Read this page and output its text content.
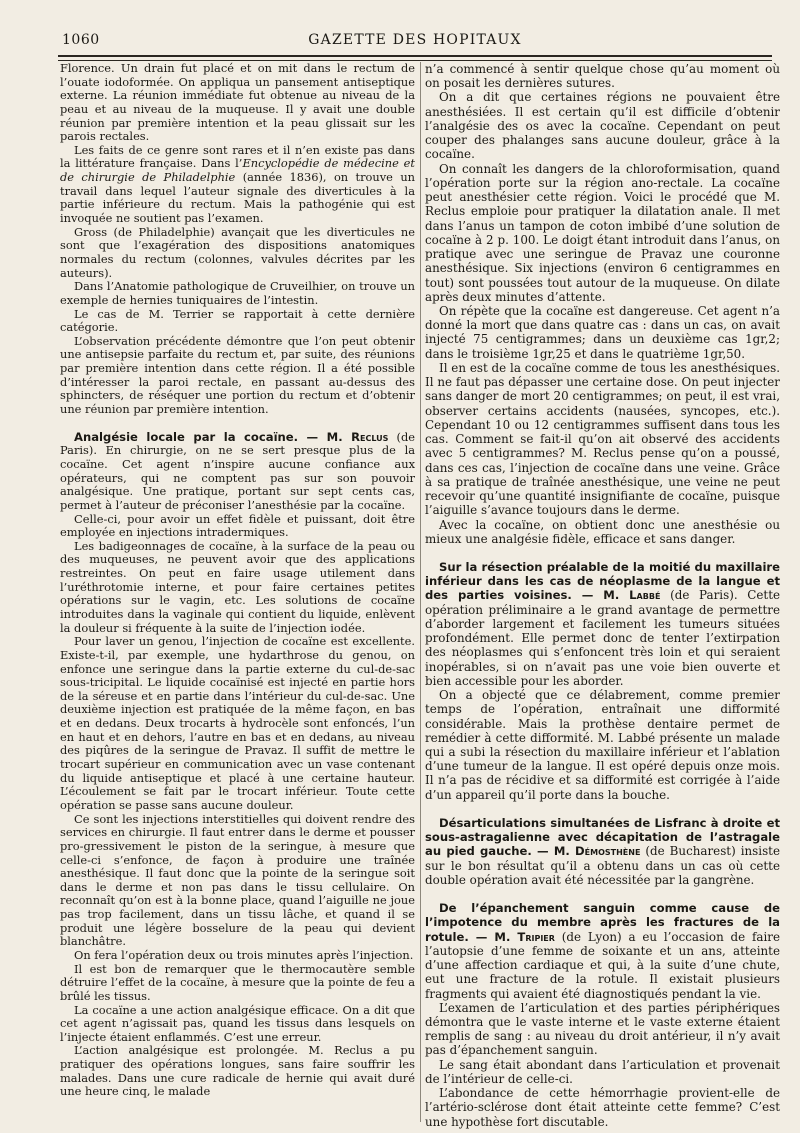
1060	GAZETTE DES HOPITAUX

Florence. Un drain fut placé et on mit dans le rectum de l’ouate iodoformée. On appliqua un pansement antiseptique externe. La réunion immédiate fut obtenue au niveau de la peau et au niveau de la muqueuse. Il y avait une double réunion par première intention et la peau glissait sur les parois rectales.

Les faits de ce genre sont rares et il n’en existe pas dans la littérature française. Dans l’Encyclopédie de médecine et de chirurgie de Philadelphie (année 1836), on trouve un travail dans lequel l’auteur signale des diverticules à la partie inférieure du rectum. Mais la pathogénie qui est invoquée ne soutient pas l’examen.

Gross (de Philadelphie) avançait que les diverticules ne sont que l’exagération des dispositions anatomiques normales du rectum (colonnes, valvules décrites par les auteurs).

Dans l’Anatomie pathologique de Cruveilhier, on trouve un exemple de hernies tuniquaires de l’intestin.

Le cas de M. Terrier se rapportait à cette dernière catégorie.

L’observation précédente démontre que l’on peut obtenir une antisepsie parfaite du rectum et, par suite, des réunions par première intention dans cette région. Il a été possible d’intéresser la paroi rectale, en passant au-dessus des sphincters, de réséquer une portion du rectum et d’obtenir une réunion par première intention.

Analgésie locale par la cocaïne. — M. Reclus (de Paris). En chirurgie, on ne se sert presque plus de la cocaïne. Cet agent n’inspire aucune confiance aux opérateurs, qui ne comptent pas sur son pouvoir analgésique. Une pratique, portant sur sept cents cas, permet à l’auteur de préconiser l’anesthésie par la cocaïne.

Celle-ci, pour avoir un effet fidèle et puissant, doit être employée en injections intradermiques.

Les badigeonnages de cocaïne, à la surface de la peau ou des muqueuses, ne peuvent avoir que des applications restreintes. On peut en faire usage utilement dans l’uréthrotomie interne, et pour faire certaines petites opérations sur le vagin, etc. Les solutions de cocaïne introduites dans la vaginale qui contient du liquide, enlèvent la douleur si fréquente à la suite de l’injection iodée.

Pour laver un genou, l’injection de cocaïne est excellente. Existe-t-il, par exemple, une hydarthrose du genou, on enfonce une seringue dans la partie externe du cul-de-sac sous-tricipital. Le liquide cocaïnisé est injecté en partie hors de la séreuse et en partie dans l’intérieur du cul-de-sac. Une deuxième injection est pratiquée de la même façon, en bas et en dedans. Deux trocarts à hydrocèle sont enfoncés, l’un en haut et en dehors, l’autre en bas et en dedans, au niveau des piqûres de la seringue de Pravaz. Il suffit de mettre le trocart supérieur en communication avec un vase contenant du liquide antiseptique et placé à une certaine hauteur. L’écoulement se fait par le trocart inférieur. Toute cette opération se passe sans aucune douleur.

Ce sont les injections interstitielles qui doivent rendre des services en chirurgie. Il faut entrer dans le derme et pousser pro-gressivement le piston de la seringue, à mesure que celle-ci s’enfonce, de façon à produire une traînée anesthésique. Il faut donc que la pointe de la seringue soit dans le derme et non pas dans le tissu cellulaire. On reconnaît qu’on est à la bonne place, quand l’aiguille ne joue pas trop facilement, dans un tissu lâche, et quand il se produit une légère bosselure de la peau qui devient blanchâtre.

On fera l’opération deux ou trois minutes après l’injection.

Il est bon de remarquer que le thermocautère semble détruire l’effet de la cocaïne, à mesure que la pointe de feu a brûlé les tissus.

La cocaïne a une action analgésique efficace. On a dit que cet agent n’agissait pas, quand les tissus dans lesquels on l’injecte étaient enflammés. C’est une erreur.

L’action analgésique est prolongée. M. Reclus a pu pratiquer des opérations longues, sans faire souffrir les malades. Dans une cure radicale de hernie qui avait duré une heure cinq, le malade

n’a commencé à sentir quelque chose qu’au moment où on posait les dernières sutures.

On a dit que certaines régions ne pouvaient être anesthésiées. Il est certain qu’il est difficile d’obtenir l’analgésie des os avec la cocaïne. Cependant on peut couper des phalanges sans aucune douleur, grâce à la cocaïne.

On connaît les dangers de la chloroformisation, quand l’opération porte sur la région ano-rectale. La cocaïne peut anesthésier cette région. Voici le procédé que M. Reclus emploie pour pratiquer la dilatation anale. Il met dans l’anus un tampon de coton imbibé d’une solution de cocaïne à 2 p. 100. Le doigt étant introduit dans l’anus, on pratique avec une seringue de Pravaz une couronne anesthésique. Six injections (environ 6 centigrammes en tout) sont poussées tout autour de la muqueuse. On dilate après deux minutes d’attente.

On répète que la cocaïne est dangereuse. Cet agent n’a donné la mort que dans quatre cas : dans un cas, on avait injecté 75 centigrammes; dans un deuxième cas 1gr,2; dans le troisième 1gr,25 et dans le quatrième 1gr,50.

Il en est de la cocaïne comme de tous les anesthésiques. Il ne faut pas dépasser une certaine dose. On peut injecter sans danger de mort 20 centigrammes; on peut, il est vrai, observer certains accidents (nausées, syncopes, etc.). Cependant 10 ou 12 centigrammes suffisent dans tous les cas. Comment se fait-il qu’on ait observé des accidents avec 5 centigrammes? M. Reclus pense qu’on a poussé, dans ces cas, l’injection de cocaïne dans une veine. Grâce à sa pratique de traînée anesthésique, une veine ne peut recevoir qu’une quantité insignifiante de cocaïne, puisque l’aiguille s’avance toujours dans le derme.

Avec la cocaïne, on obtient donc une anesthésie ou mieux une analgésie fidèle, efficace et sans danger.

Sur la résection préalable de la moitié du maxillaire inférieur dans les cas de néoplasme de la langue et des parties voisines. — M. Labbé (de Paris). Cette opération préliminaire a le grand avantage de permettre d’aborder largement et facilement les tumeurs situées profondément. Elle permet donc de tenter l’extirpation des néoplasmes qui s’enfoncent très loin et qui seraient inopérables, si on n’avait pas une voie bien ouverte et bien accessible pour les aborder.

On a objecté que ce délabrement, comme premier temps de l’opération, entraînait une difformité considérable. Mais la prothèse dentaire permet de remédier à cette difformité. M. Labbé présente un malade qui a subi la résection du maxillaire inférieur et l’ablation d’une tumeur de la langue. Il est opéré depuis onze mois. Il n’a pas de récidive et sa difformité est corrigée à l’aide d’un appareil qu’il porte dans la bouche.

Désarticulations simultanées de Lisfranc à droite et sous-astragalienne avec décapitation de l’astragale au pied gauche. — M. Démosthène (de Bucharest) insiste sur le bon résultat qu’il a obtenu dans un cas où cette double opération avait été nécessitée par la gangrène.

De l’épanchement sanguin comme cause de l’impotence du membre après les fractures de la rotule. — M. Tripier (de Lyon) a eu l’occasion de faire l’autopsie d’une femme de soixante et un ans, atteinte d’une affection cardiaque et qui, à la suite d’une chute, eut une fracture de la rotule. Il existait plusieurs fragments qui avaient été diagnostiqués pendant la vie.

L’examen de l’articulation et des parties périphériques démontra que le vaste interne et le vaste externe étaient remplis de sang : au niveau du droit antérieur, il n’y avait pas d’épanchement sanguin.

Le sang était abondant dans l’articulation et provenait de l’intérieur de celle-ci.

L’abondance de cette hémorrhagie provient-elle de l’artério-sclérose dont était atteinte cette femme? C’est une hypothèse fort discutable.
